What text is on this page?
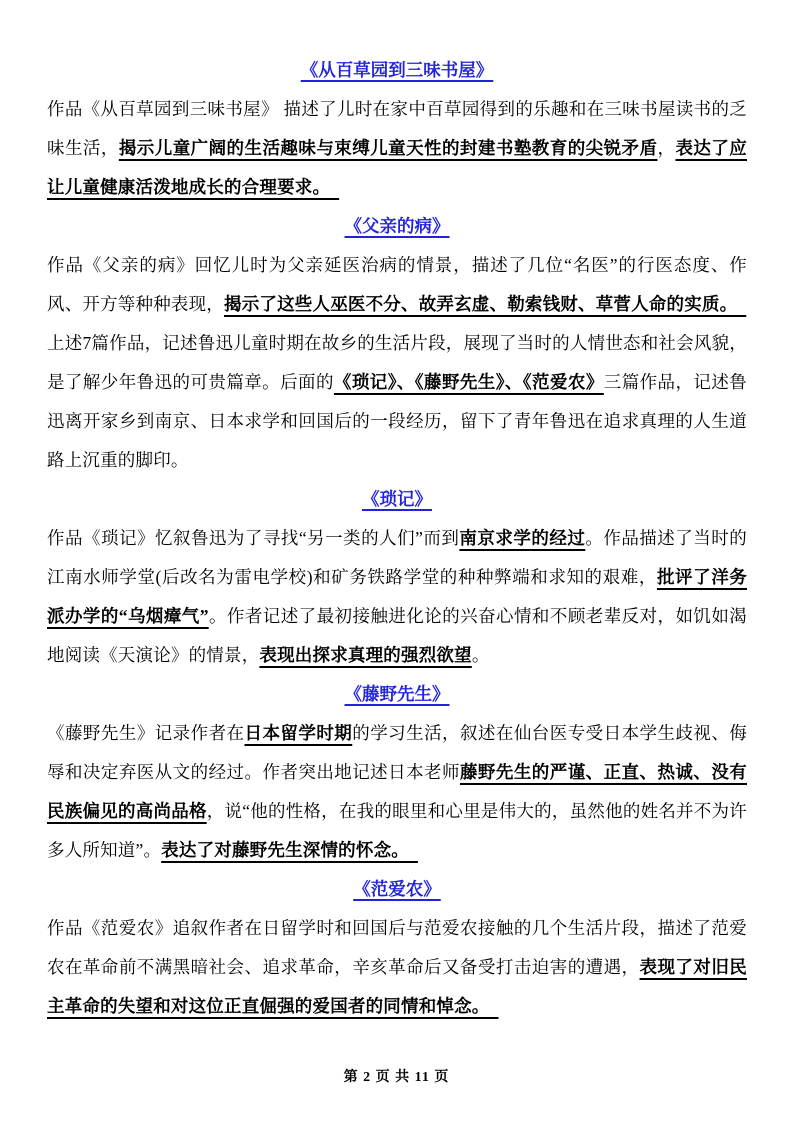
《从百草园到三味书屋》

作品《从百草园到三味书屋》 描述了儿时在家中百草园得到的乐趣和在三味书屋读书的乏味生活，揭示儿童广阔的生活趣味与束缚儿童天性的封建书塾教育的尖锐矛盾，表达了应让儿童健康活泼地成长的合理要求。　

《父亲的病》

作品《父亲的病》回忆儿时为父亲延医治病的情景，描述了几位“名医”的行医态度、作风、开方等种种表现，揭示了这些人巫医不分、故弄玄虚、勒索钱财、草菅人命的实质。　

上述7篇作品，记述鲁迅儿童时期在故乡的生活片段，展现了当时的人情世态和社会风貌，是了解少年鲁迅的可贵篇章。后面的《琐记》、《藤野先生》、《范爱农》三篇作品，记述鲁迅离开家乡到南京、日本求学和回国后的一段经历，留下了青年鲁迅在追求真理的人生道路上沉重的脚印。

《琐记》

作品《琐记》忆叙鲁迅为了寻找“另一类的人们”而到南京求学的经过。作品描述了当时的江南水师学堂(后改名为雷电学校)和矿务铁路学堂的种种弊端和求知的艰难，批评了洋务派办学的“乌烟瘴气”。作者记述了最初接触进化论的兴奋心情和不顾老辈反对，如饥如渴地阅读《天演论》的情景，表现出探求真理的强烈欲望。

《藤野先生》

《藤野先生》记录作者在日本留学时期的学习生活，叙述在仙台医专受日本学生歧视、侮辱和决定弃医从文的经过。作者突出地记述日本老师藤野先生的严谨、正直、热诚、没有民族偏见的高尚品格，说“他的性格，在我的眼里和心里是伟大的，虽然他的姓名并不为许多人所知道”。表达了对藤野先生深情的怀念。　

《范爱农》

作品《范爱农》追叙作者在日留学时和回国后与范爱农接触的几个生活片段，描述了范爱农在革命前不满黑暗社会、追求革命，辛亥革命后又备受打击迫害的遭遇，表现了对旧民主革命的失望和对这位正直倔强的爱国者的同情和悼念。　

第 2 页 共 11 页
